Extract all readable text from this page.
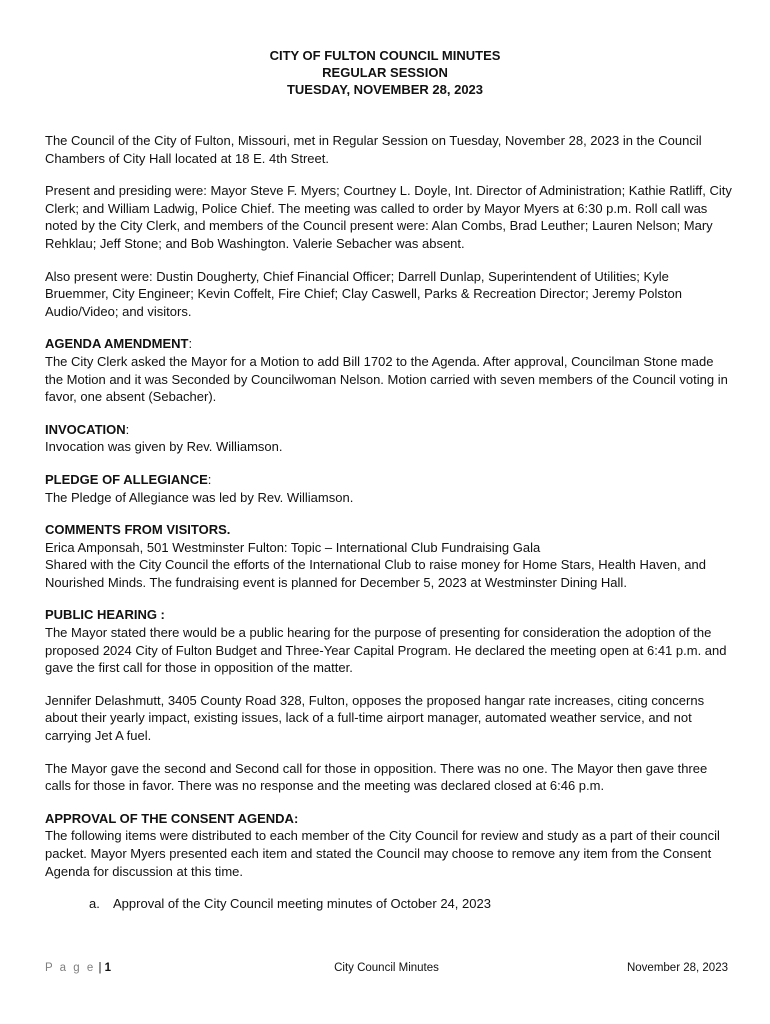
CITY OF FULTON COUNCIL MINUTES
REGULAR SESSION
TUESDAY, NOVEMBER 28, 2023

The Council of the City of Fulton, Missouri, met in Regular Session on Tuesday, November 28, 2023 in the Council Chambers of City Hall located at 18 E. 4th Street.

Present and presiding were: Mayor Steve F. Myers; Courtney L. Doyle, Int. Director of Administration; Kathie Ratliff, City Clerk; and William Ladwig, Police Chief. The meeting was called to order by Mayor Myers at 6:30 p.m. Roll call was noted by the City Clerk, and members of the Council present were: Alan Combs, Brad Leuther; Lauren Nelson; Mary Rehklau; Jeff Stone; and Bob Washington. Valerie Sebacher was absent.

Also present were: Dustin Dougherty, Chief Financial Officer; Darrell Dunlap, Superintendent of Utilities; Kyle Bruemmer, City Engineer; Kevin Coffelt, Fire Chief; Clay Caswell, Parks & Recreation Director; Jeremy Polston Audio/Video; and visitors.

AGENDA AMENDMENT:

The City Clerk asked the Mayor for a Motion to add Bill 1702 to the Agenda. After approval, Councilman Stone made the Motion and it was Seconded by Councilwoman Nelson. Motion carried with seven members of the Council voting in favor, one absent (Sebacher).

INVOCATION:

Invocation was given by Rev. Williamson.

PLEDGE OF ALLEGIANCE:

The Pledge of Allegiance was led by Rev. Williamson.

COMMENTS FROM VISITORS.

Erica Amponsah, 501 Westminster Fulton: Topic – International Club Fundraising Gala

Shared with the City Council the efforts of the International Club to raise money for Home Stars, Health Haven, and Nourished Minds. The fundraising event is planned for December 5, 2023 at Westminster Dining Hall.

PUBLIC HEARING :

The Mayor stated there would be a public hearing for the purpose of presenting for consideration the adoption of the proposed 2024 City of Fulton Budget and Three-Year Capital Program. He declared the meeting open at 6:41 p.m. and gave the first call for those in opposition of the matter.

Jennifer Delashmutt, 3405 County Road 328, Fulton, opposes the proposed hangar rate increases, citing concerns about their yearly impact, existing issues, lack of a full-time airport manager, automated weather service, and not carrying Jet A fuel.

The Mayor gave the second and Second call for those in opposition. There was no one. The Mayor then gave three calls for those in favor. There was no response and the meeting was declared closed at 6:46 p.m.

APPROVAL OF THE CONSENT AGENDA:

The following items were distributed to each member of the City Council for review and study as a part of their council packet. Mayor Myers presented each item and stated the Council may choose to remove any item from the Consent Agenda for discussion at this time.

a. Approval of the City Council meeting minutes of October 24, 2023
P a g e | 1	City Council Minutes	November 28, 2023
